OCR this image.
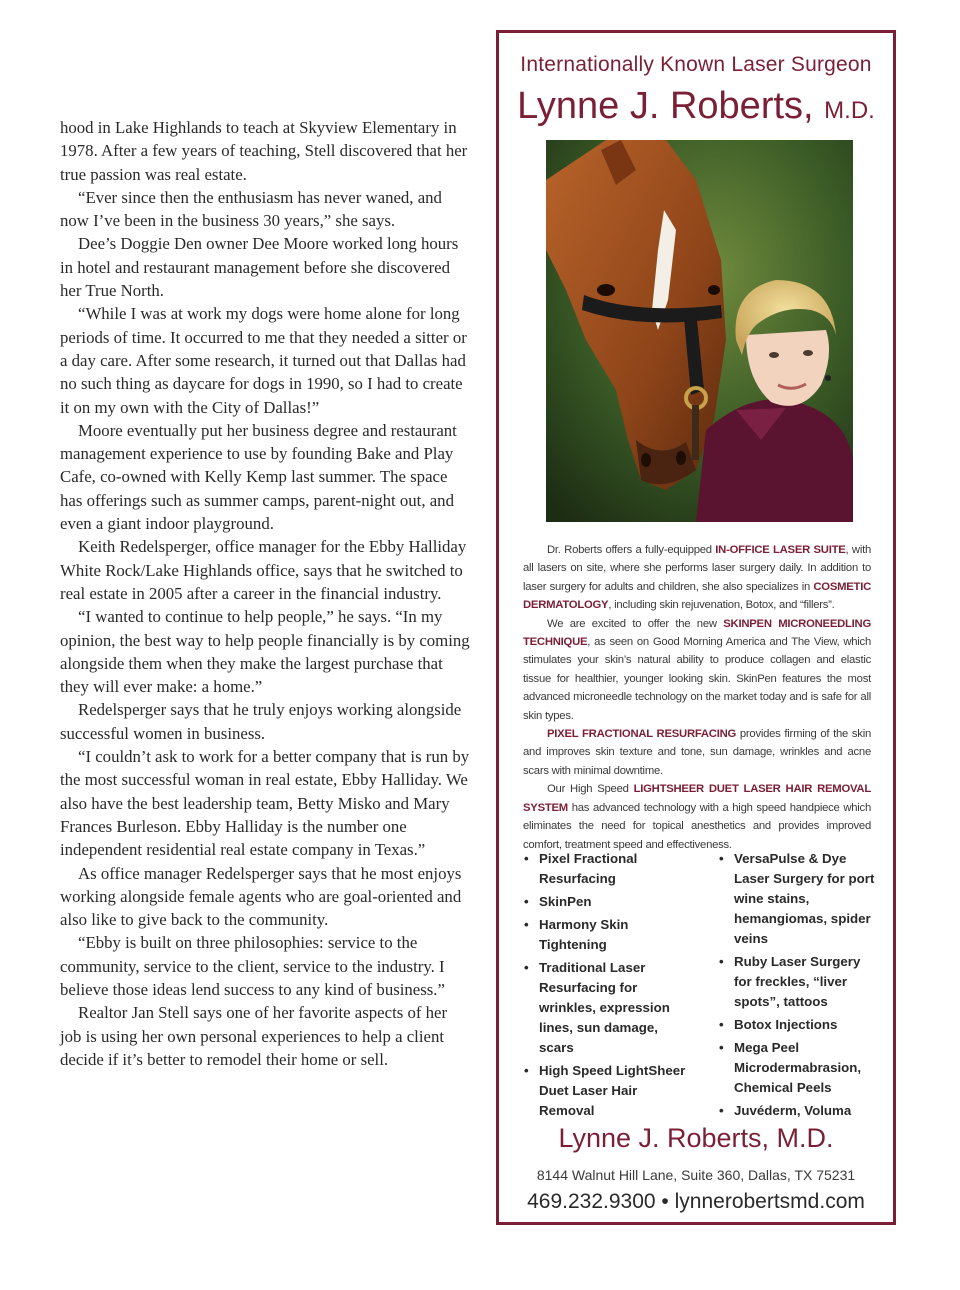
hood in Lake Highlands to teach at Skyview Elementary in 1978. After a few years of teaching, Stell discovered that her true passion was real estate.

“Ever since then the enthusiasm has never waned, and now I’ve been in the business 30 years,” she says.

Dee’s Doggie Den owner Dee Moore worked long hours in hotel and restaurant management before she discovered her True North.

“While I was at work my dogs were home alone for long periods of time. It occurred to me that they needed a sitter or a day care. After some research, it turned out that Dallas had no such thing as daycare for dogs in 1990, so I had to create it on my own with the City of Dallas!”

Moore eventually put her business degree and restaurant management experience to use by founding Bake and Play Cafe, co-owned with Kelly Kemp last summer. The space has offerings such as summer camps, parent-night out, and even a giant indoor playground.

Keith Redelsperger, office manager for the Ebby Halliday White Rock/Lake Highlands office, says that he switched to real estate in 2005 after a career in the financial industry.

“I wanted to continue to help people,” he says. “In my opinion, the best way to help people financially is by coming alongside them when they make the largest purchase that they will ever make: a home.”

Redelsperger says that he truly enjoys working alongside successful women in business.

“I couldn’t ask to work for a better company that is run by the most successful woman in real estate, Ebby Halliday. We also have the best leadership team, Betty Misko and Mary Frances Burleson. Ebby Halliday is the number one independent residential real estate company in Texas.”

As office manager Redelsperger says that he most enjoys working alongside female agents who are goal-oriented and also like to give back to the community.

“Ebby is built on three philosophies: service to the community, service to the client, service to the industry. I believe those ideas lend success to any kind of business.”

Realtor Jan Stell says one of her favorite aspects of her job is using her own personal experiences to help a client decide if it’s better to remodel their home or sell.

Internationally Known Laser Surgeon
Lynne J. Roberts, M.D.

Dr. Roberts offers a fully-equipped IN-OFFICE LASER SUITE, with all lasers on site, where she performs laser surgery daily. In addition to laser surgery for adults and children, she also specializes in COSMETIC DERMATOLOGY, including skin rejuvenation, Botox, and “fillers”.

We are excited to offer the new SKINPEN MICRONEEDLING TECHNIQUE, as seen on Good Morning America and The View, which stimulates your skin’s natural ability to produce collagen and elastic tissue for healthier, younger looking skin. SkinPen features the most advanced microneedle technology on the market today and is safe for all skin types.

PIXEL FRACTIONAL RESURFACING provides firming of the skin and improves skin texture and tone, sun damage, wrinkles and acne scars with minimal downtime.

Our High Speed LIGHTSHEER DUET LASER HAIR REMOVAL SYSTEM has advanced technology with a high speed handpiece which eliminates the need for topical anesthetics and provides improved comfort, treatment speed and effectiveness.

• Pixel Fractional Resurfacing
• SkinPen
• Harmony Skin Tightening
• Traditional Laser Resurfacing for wrinkles, expression lines, sun damage, scars
• High Speed LightSheer Duet Laser Hair Removal
• VersaPulse & Dye Laser Surgery for port wine stains, hemangiomas, spider veins
• Ruby Laser Surgery for freckles, “liver spots”, tattoos
• Botox Injections
• Mega Peel Microdermabrasion, Chemical Peels
• Juvéderm, Voluma
Lynne J. Roberts, M.D.
8144 Walnut Hill Lane, Suite 360, Dallas, TX 75231
469.232.9300 • lynnerobertsmd.com
